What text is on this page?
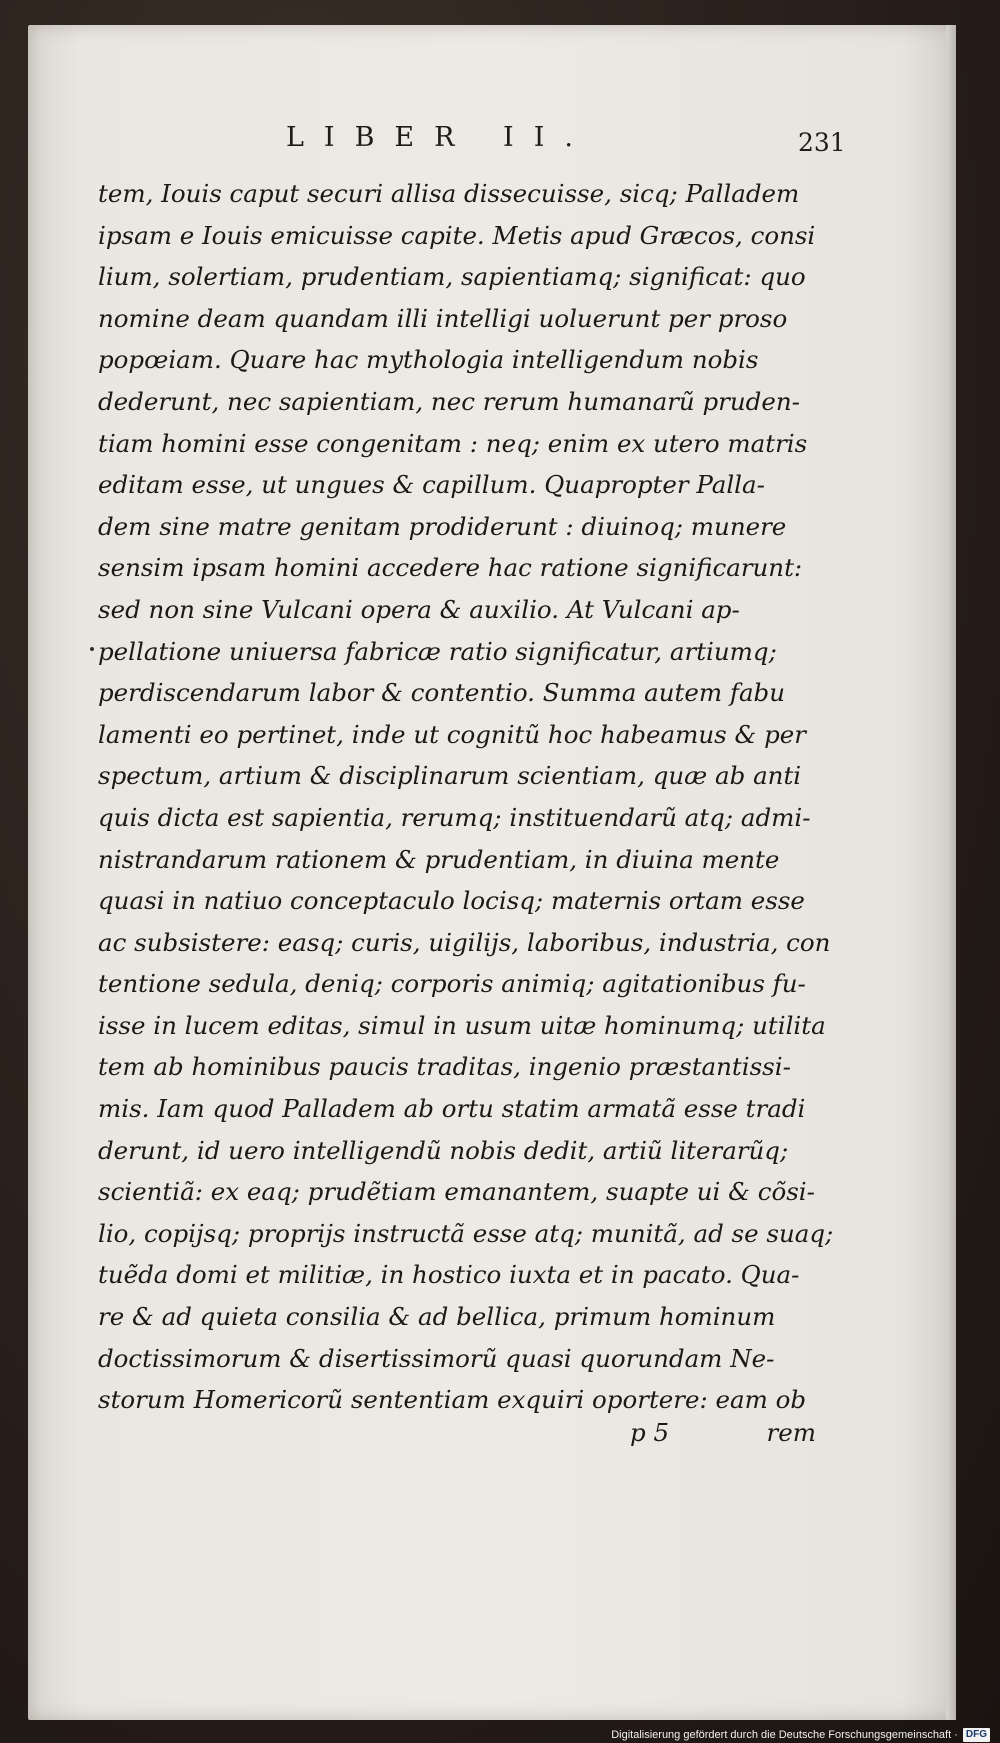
LIBER II.	231

tem, Iouis caput securi allisa dissecuisse, sicq; Palladem
ipsam e Iouis emicuisse capite. Metis apud Græcos, consi
lium, solertiam, prudentiam, sapientiamq; significat: quo
nomine deam quandam illi intelligi uoluerunt per proso
popœiam. Quare hac mythologia intelligendum nobis
dederunt, nec sapientiam, nec rerum humanarũ pruden-
tiam homini esse congenitam : neq; enim ex utero matris
editam esse, ut ungues & capillum. Quapropter Palla-
dem sine matre genitam prodiderunt : diuinoq; munere
sensim ipsam homini accedere hac ratione significarunt:
sed non sine Vulcani opera & auxilio. At Vulcani ap-
pellatione uniuersa fabricæ ratio significatur, artiumq;
perdiscendarum labor & contentio. Summa autem fabu
lamenti eo pertinet, inde ut cognitũ hoc habeamus & per
spectum, artium & disciplinarum scientiam, quæ ab anti
quis dicta est sapientia, rerumq; instituendarũ atq; admi-
nistrandarum rationem & prudentiam, in diuina mente
quasi in natiuo conceptaculo locisq; maternis ortam esse
ac subsistere: easq; curis, uigilijs, laboribus, industria, con
tentione sedula, deniq; corporis animiq; agitationibus fu-
isse in lucem editas, simul in usum uitæ hominumq; utilita
tem ab hominibus paucis traditas, ingenio præstantissi-
mis. Iam quod Palladem ab ortu statim armatã esse tradi
derunt, id uero intelligendũ nobis dedit, artiũ literarũq;
scientiã: ex eaq; prudẽtiam emanantem, suapte ui & cõsi-
lio, copijsq; proprijs instructã esse atq; munitã, ad se suaq;
tuẽda domi et militiæ, in hostico iuxta et in pacato. Qua-
re & ad quieta consilia & ad bellica, primum hominum
doctissimorum & disertissimorũ quasi quorundam Ne-
storum Homericorũ sententiam exquiri oportere: eam ob
p 5	rem

Digitalisierung gefördert durch die Deutsche Forschungsgemeinschaft · DFG
